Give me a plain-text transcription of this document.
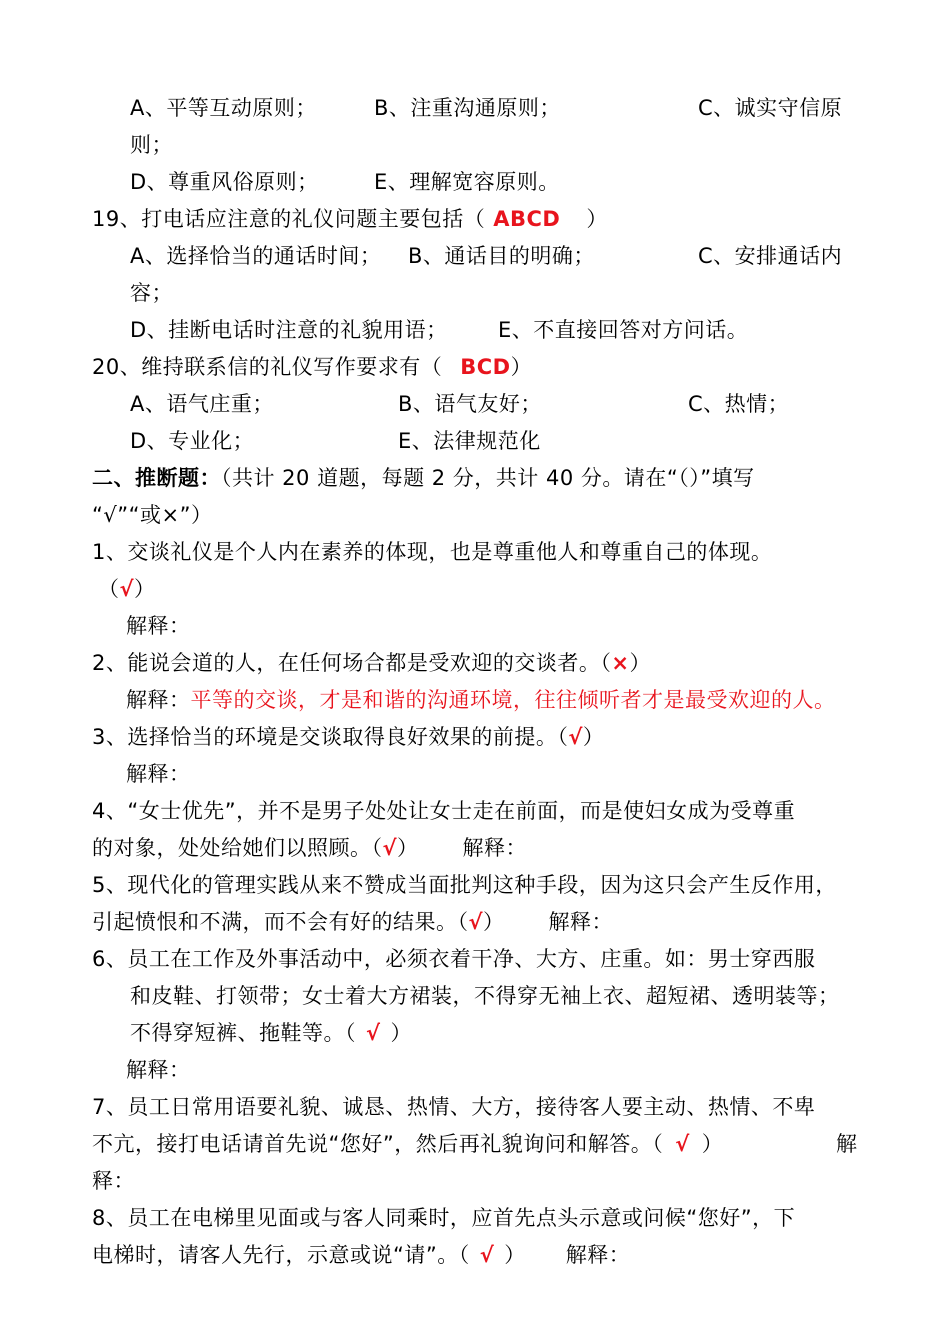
A、平等互动原则；	B、注重沟通原则；	C、诚实守信原
则；
D、尊重风俗原则；	E、理解宽容原则。
19、打电话应注意的礼仪问题主要包括（ ABCD ）
A、选择恰当的通话时间； B、通话目的明确；	C、安排通话内
容；
D、挂断电话时注意的礼貌用语； E、不直接回答对方问话。
20、维持联系信的礼仪写作要求有（ BCD）
A、语气庄重；	B、语气友好；	C、热情；
D、专业化；	E、法律规范化
二、推断题：（共计 20 道题，每题 2 分，共计 40 分。请在“（）”填写
“√”“或×”）
1、交谈礼仪是个人内在素养的体现，也是尊重他人和尊重自己的体现。
（√）
解释：
2、能说会道的人，在任何场合都是受欢迎的交谈者。（×）
解释：平等的交谈，才是和谐的沟通环境，往往倾听者才是最受欢迎的人。
3、选择恰当的环境是交谈取得良好效果的前提。（√）
解释：
4、“女士优先”，并不是男子处处让女士走在前面，而是使妇女成为受尊重
的对象，处处给她们以照顾。（√） 解释：
5、现代化的管理实践从来不赞成当面批判这种手段，因为这只会产生反作用，
引起愤恨和不满，而不会有好的结果。（√） 解释：
6、员工在工作及外事活动中，必须衣着干净、大方、庄重。如：男士穿西服
和皮鞋、打领带；女士着大方裙装，不得穿无袖上衣、超短裙、透明装等；
不得穿短裤、拖鞋等。（ √ ）
解释：
7、员工日常用语要礼貌、诚恳、热情、大方，接待客人要主动、热情、不卑
不亢，接打电话请首先说“您好”，然后再礼貌询问和解答。（ √ ）	解
释：
8、员工在电梯里见面或与客人同乘时，应首先点头示意或问候“您好”，下
电梯时，请客人先行，示意或说“请”。（ √ ） 解释：
